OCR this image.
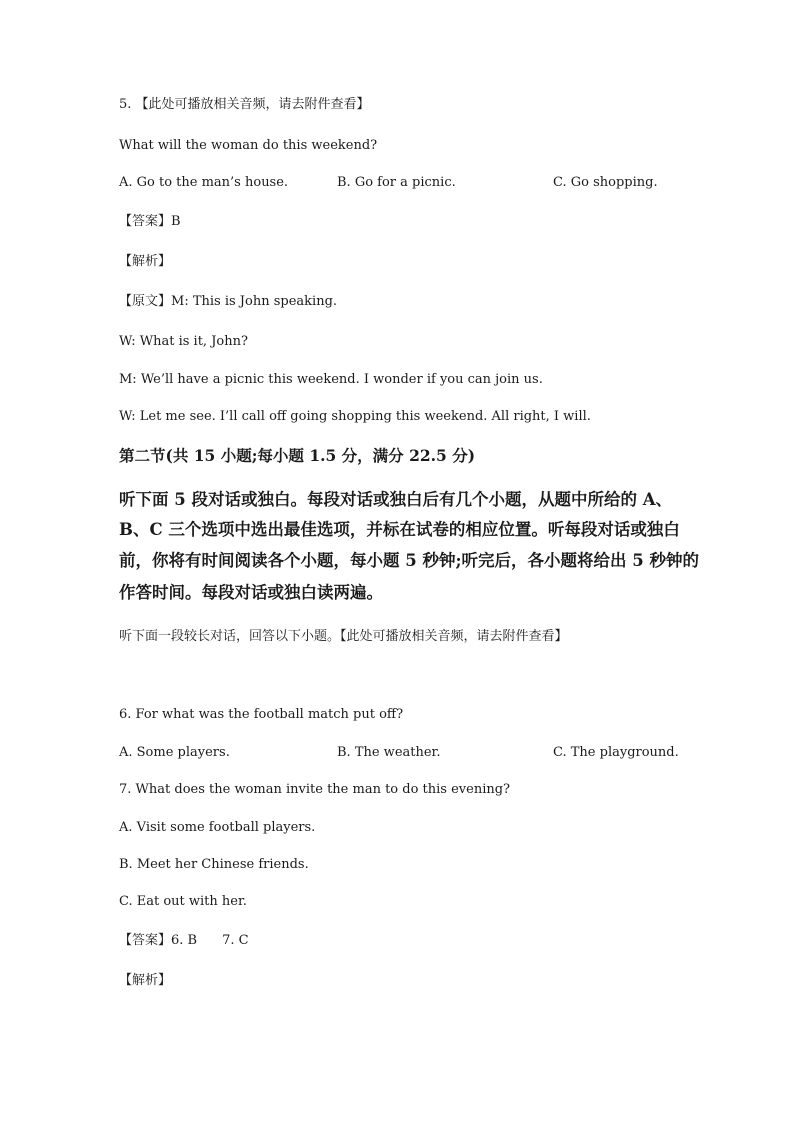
5. 【此处可播放相关音频，请去附件查看】
What will the woman do this weekend?
A. Go to the man’s house.	B. Go for a picnic.	C. Go shopping.
【答案】B
【解析】
【原文】M: This is John speaking.
W: What is it, John?
M: We’ll have a picnic this weekend. I wonder if you can join us.
W: Let me see. I’ll call off going shopping this weekend. All right, I will.
第二节(共 15 小题;每小题 1.5 分，满分 22.5 分)
听下面 5 段对话或独白。每段对话或独白后有几个小题，从题中所给的 A、
B、C 三个选项中选出最佳选项，并标在试卷的相应位置。听每段对话或独白
前，你将有时间阅读各个小题，每小题 5 秒钟;听完后，各小题将给出 5 秒钟的
作答时间。每段对话或独白读两遍。
听下面一段较长对话，回答以下小题。【此处可播放相关音频，请去附件查看】
6. For what was the football match put off?
A. Some players.	B. The weather.	C. The playground.
7. What does the woman invite the man to do this evening?
A. Visit some football players.
B. Meet her Chinese friends.
C. Eat out with her.
【答案】6. B 7. C
【解析】
